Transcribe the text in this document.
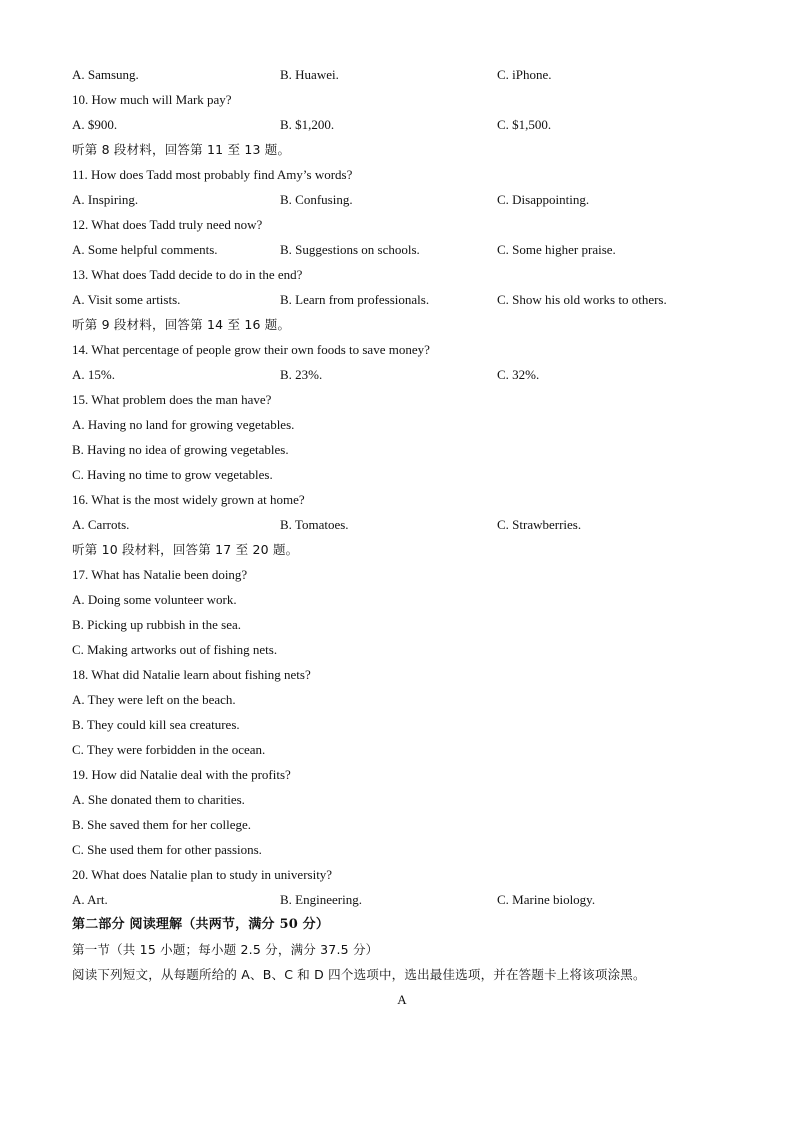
A. Samsung.	B. Huawei.	C. iPhone.
10. How much will Mark pay?
A. $900.	B. $1,200.	C. $1,500.
听第 8 段材料，回答第 11 至 13 题。
11. How does Tadd most probably find Amy’s words?
A. Inspiring.	B. Confusing.	C. Disappointing.
12. What does Tadd truly need now?
A. Some helpful comments.	B. Suggestions on schools.	C. Some higher praise.
13. What does Tadd decide to do in the end?
A. Visit some artists.	B. Learn from professionals.	C. Show his old works to others.
听第 9 段材料，回答第 14 至 16 题。
14. What percentage of people grow their own foods to save money?
A. 15%.	B. 23%.	C. 32%.
15. What problem does the man have?
A. Having no land for growing vegetables.
B. Having no idea of growing vegetables.
C. Having no time to grow vegetables.
16. What is the most widely grown at home?
A. Carrots.	B. Tomatoes.	C. Strawberries.
听第 10 段材料，回答第 17 至 20 题。
17. What has Natalie been doing?
A. Doing some volunteer work.
B. Picking up rubbish in the sea.
C. Making artworks out of fishing nets.
18. What did Natalie learn about fishing nets?
A. They were left on the beach.
B. They could kill sea creatures.
C. They were forbidden in the ocean.
19. How did Natalie deal with the profits?
A. She donated them to charities.
B. She saved them for her college.
C. She used them for other passions.
20. What does Natalie plan to study in university?
A. Art.	B. Engineering.	C. Marine biology.
第二部分 阅读理解（共两节，满分 50 分）
第一节（共 15 小题；每小题 2.5 分，满分 37.5 分）
阅读下列短文，从每题所给的 A、B、C 和 D 四个选项中，选出最佳选项，并在答题卡上将该项涂黑。
A
